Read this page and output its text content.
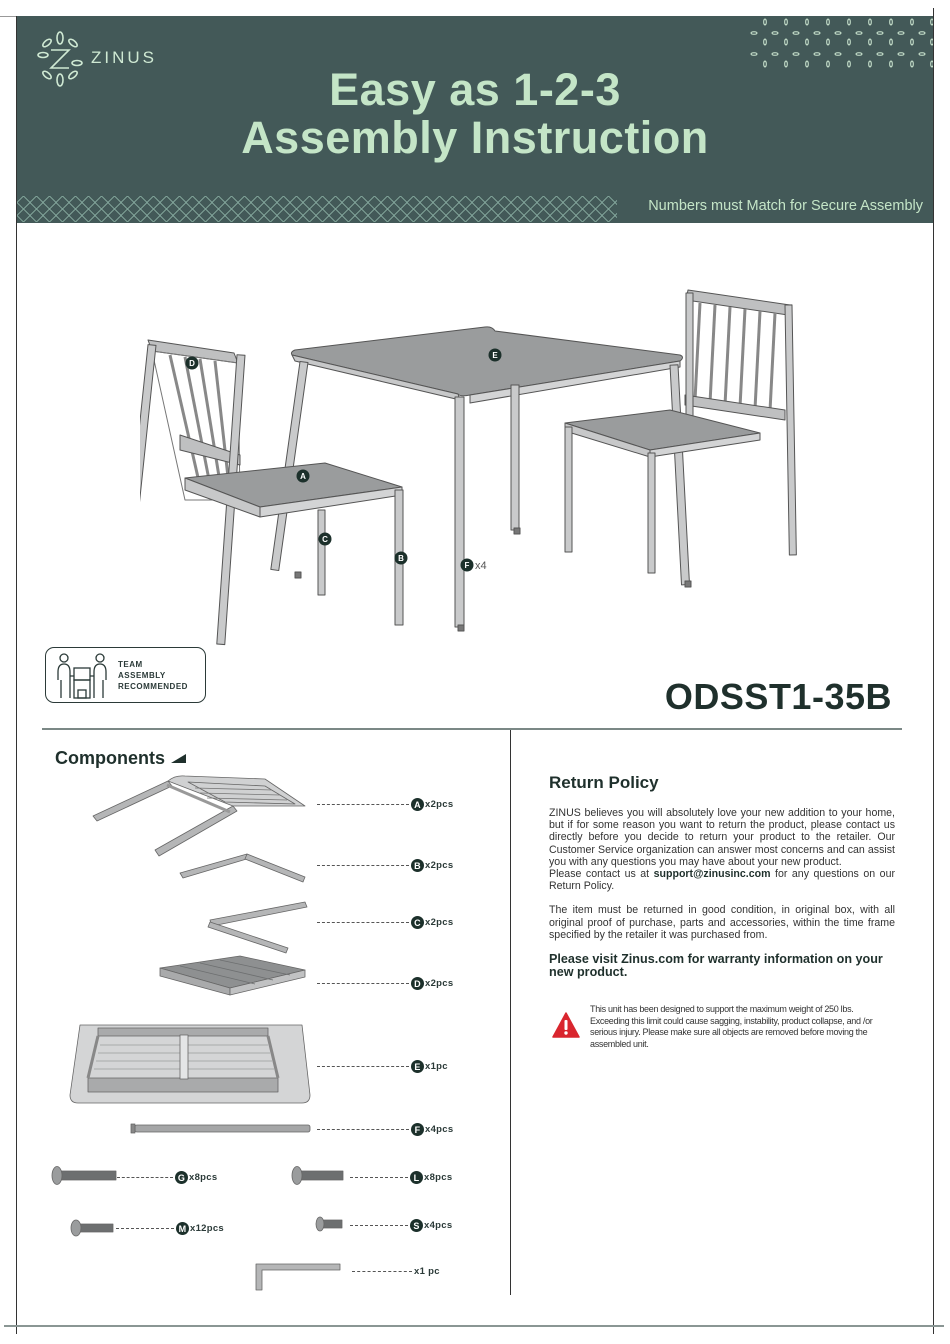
ZINUS
Easy as 1-2-3
Assembly Instruction
Numbers must Match for Secure Assembly
D
E
A
C
B
F x4
TEAM
ASSEMBLY
RECOMMENDED	ODSST1-35B
Components
A x2pcs
B x2pcs
C x2pcs
D x2pcs
E x1pc
F x4pcs
G x8pcs	L x8pcs
M x12pcs	S x4pcs
x1 pc
Return Policy

ZINUS believes you will absolutely love your new addition to your home, but if for some reason you want to return the product, please contact us directly before you decide to return your product to the retailer. Our Customer Service organization can answer most concerns and can assist you with any questions you may have about your new product.
Please contact us at support@zinusinc.com for any questions on our Return Policy.

The item must be returned in good condition, in original box, with all original proof of purchase, parts and accessories, within the time frame specified by the retailer it was purchased from.

Please visit Zinus.com for warranty information on your new product.
This unit has been designed to support the maximum weight of 250 lbs. Exceeding this limit could cause sagging, instability, product collapse, and /or serious injury. Please make sure all objects are removed before moving the assembled unit.
